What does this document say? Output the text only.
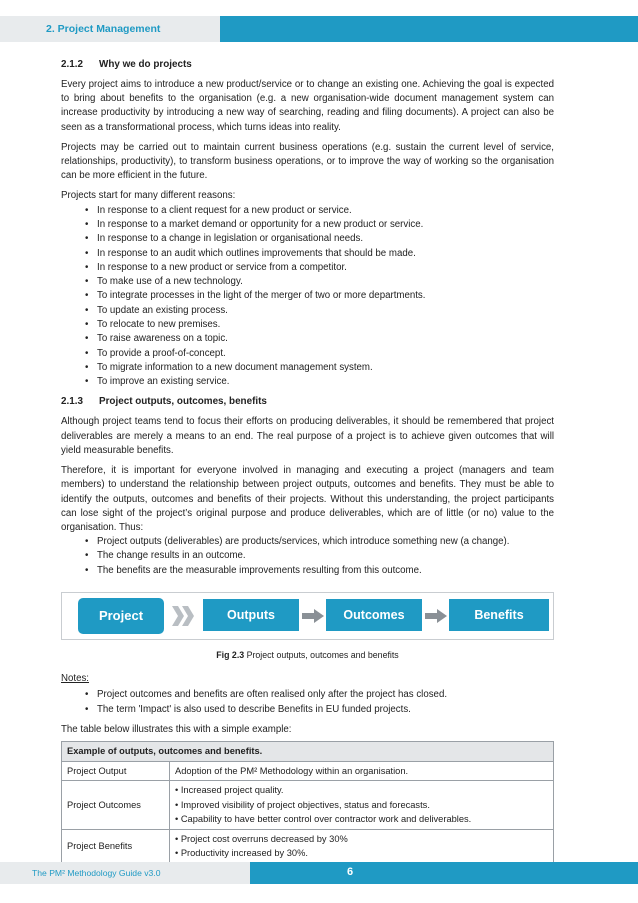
2. Project Management
2.1.2 Why we do projects

Every project aims to introduce a new product/service or to change an existing one. Achieving the goal is expected to bring about benefits to the organisation (e.g. a new organisation-wide document management system can increase productivity by introducing a new way of searching, reading and filing documents). A project can also be seen as a transformational process, which turns ideas into reality.

Projects may be carried out to maintain current business operations (e.g. sustain the current level of service, relationships, productivity), to transform business operations, or to improve the way of working so the organisation can be more efficient in the future.

Projects start for many different reasons:

• In response to a client request for a new product or service.
• In response to a market demand or opportunity for a new product or service.
• In response to a change in legislation or organisational needs.
• In response to an audit which outlines improvements that should be made.
• In response to a new product or service from a competitor.
• To make use of a new technology.
• To integrate processes in the light of the merger of two or more departments.
• To update an existing process.
• To relocate to new premises.
• To raise awareness on a topic.
• To provide a proof-of-concept.
• To migrate information to a new document management system.
• To improve an existing service.
2.1.3 Project outputs, outcomes, benefits

Although project teams tend to focus their efforts on producing deliverables, it should be remembered that project deliverables are merely a means to an end. The real purpose of a project is to achieve given outcomes that will yield measurable benefits.

Therefore, it is important for everyone involved in managing and executing a project (managers and team members) to understand the relationship between project outputs, outcomes and benefits. They must be able to identify the outputs, outcomes and benefits of their projects. Without this understanding, the project participants can lose sight of the project’s original purpose and produce deliverables, which are of little (or no) value to the organisation. Thus:

• Project outputs (deliverables) are products/services, which introduce something new (a change).
• The change results in an outcome.
• The benefits are the measurable improvements resulting from this outcome.
Project	Outputs	Outcomes	Benefits
Fig 2.3 Project outputs, outcomes and benefits
Notes:
• Project outcomes and benefits are often realised only after the project has closed.
• The term 'Impact' is also used to describe Benefits in EU funded projects.

The table below illustrates this with a simple example:

Example of outputs, outcomes and benefits.	
Project Output	Adoption of the PM² Methodology within an organisation.

Project Outcomes	• Increased project quality.
• Improved visibility of project objectives, status and forecasts.
• Capability to have better control over contractor work and deliverables.

Project Benefits	• Project cost overruns decreased by 30%
• Productivity increased by 30%.
The PM² Methodology Guide v3.0	6
